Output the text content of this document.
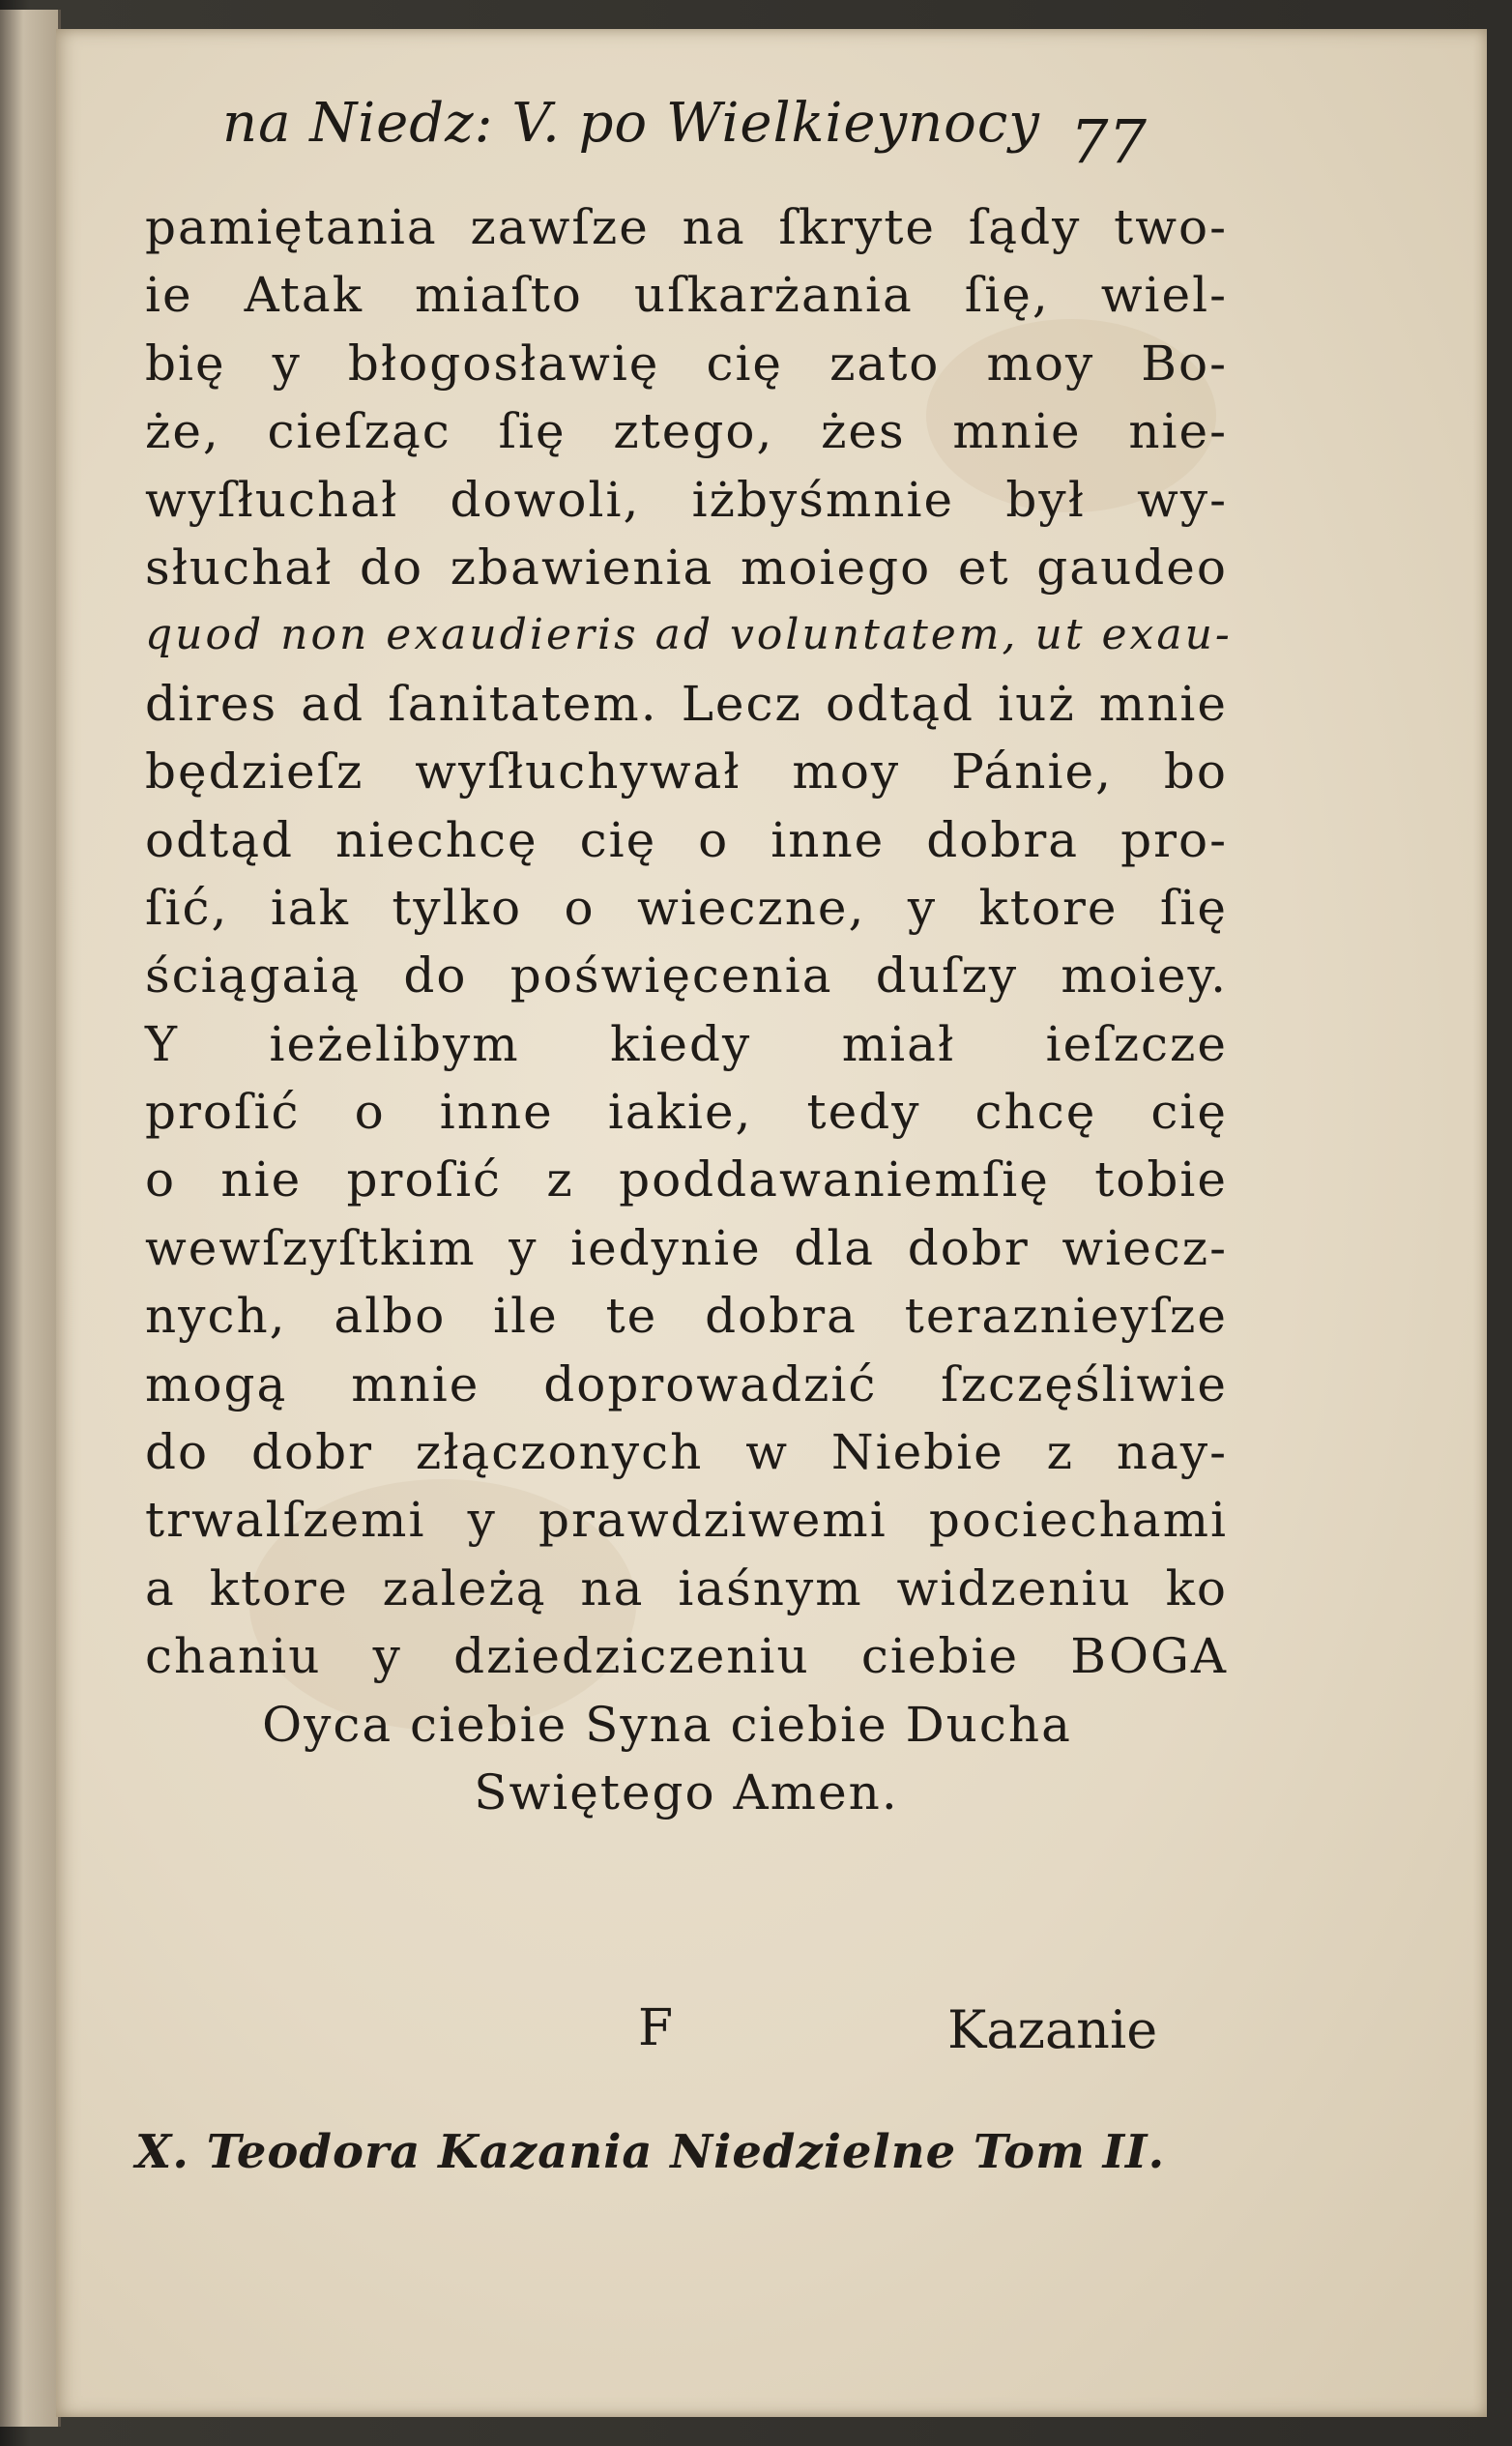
na Niedz: V. po Wielkieynocy 77
pamiętania zawſze na ſkryte ſądy two-
ie Atak miaſto uſkarżania ſię, wiel-
bię y błogosławię cię zato moy Bo-
że, cieſząc ſię ztego, żes mnie nie-
wyſłuchał dowoli, iżbyśmnie był wy-
słuchał do zbawienia moiego et gaudeo
quod non exaudieris ad voluntatem, ut exau-
dires ad ſanitatem. Lecz odtąd iuż mnie
będzieſz wyſłuchywał moy Pánie, bo
odtąd niechcę cię o inne dobra pro-
ſić, iak tylko o wieczne, y ktore ſię
ściągaią do poświęcenia duſzy moiey.
Y ieżelibym kiedy miał ieſzcze
proſić o inne iakie, tedy chcę cię
o nie proſić z poddawaniemſię tobie
wewſzyſtkim y iedynie dla dobr wiecz-
nych, albo ile te dobra teraznieyſze
mogą mnie doprowadzić ſzczęśliwie
do dobr złączonych w Niebie z nay-
trwalſzemi y prawdziwemi pociechami
a ktore zależą na iaśnym widzeniu ko
chaniu y dziedziczeniu ciebie BOGA
Oyca ciebie Syna ciebie Ducha
Swiętego Amen.
F	Kazanie
X. Teodora Kazania Niedzielne Tom II.
